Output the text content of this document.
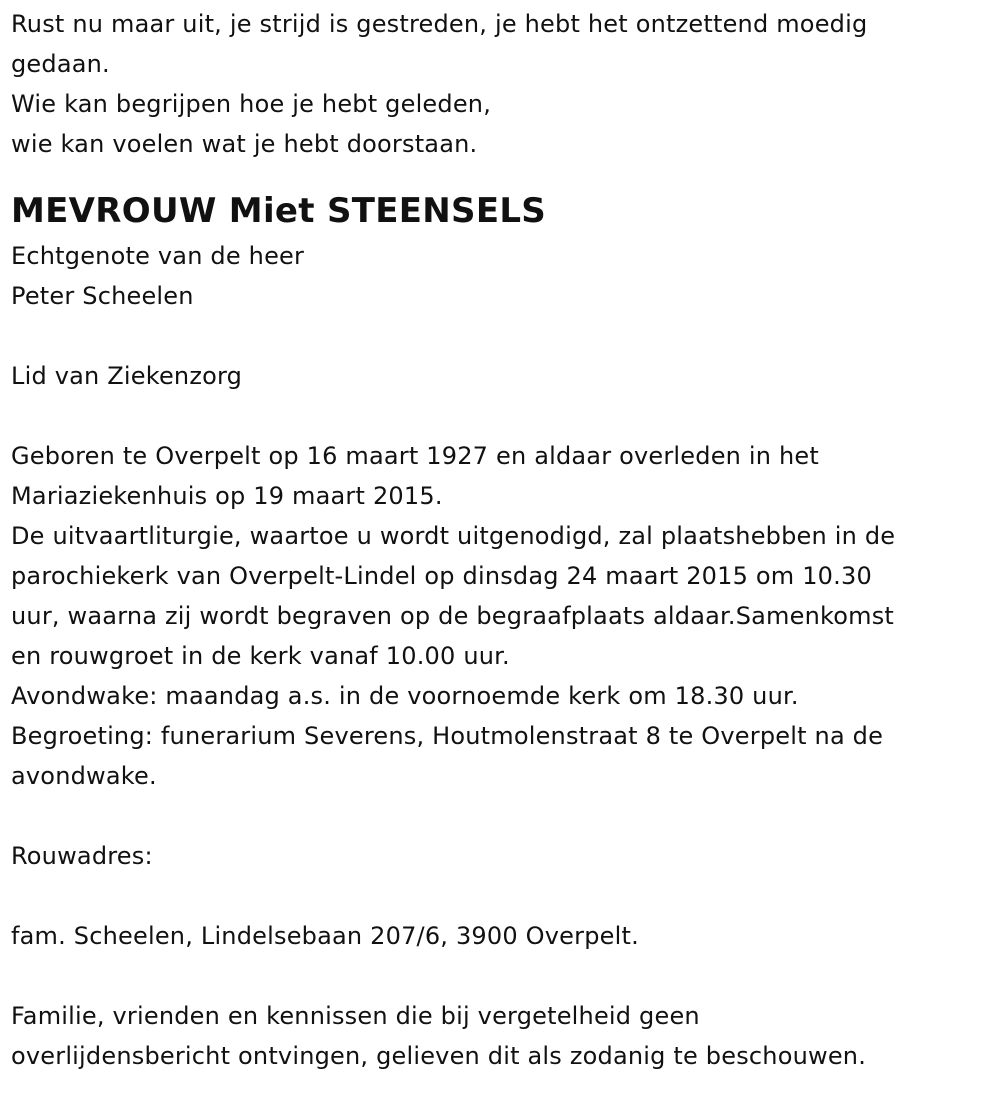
Rust nu maar uit, je strijd is gestreden, je hebt het ontzettend moedig
gedaan.
Wie kan begrijpen hoe je hebt geleden,
wie kan voelen wat je hebt doorstaan.
MEVROUW Miet STEENSELS
Echtgenote van de heer
Peter Scheelen
Lid van Ziekenzorg
Geboren te Overpelt op 16 maart 1927 en aldaar overleden in het
Mariaziekenhuis op 19 maart 2015.
De uitvaartliturgie, waartoe u wordt uitgenodigd, zal plaatshebben in de
parochiekerk van Overpelt-Lindel op dinsdag 24 maart 2015 om 10.30
uur, waarna zij wordt begraven op de begraafplaats aldaar.Samenkomst
en rouwgroet in de kerk vanaf 10.00 uur.
Avondwake: maandag a.s. in de voornoemde kerk om 18.30 uur.
Begroeting: funerarium Severens, Houtmolenstraat 8 te Overpelt na de
avondwake.
Rouwadres:
fam. Scheelen, Lindelsebaan 207/6, 3900 Overpelt.
Familie, vrienden en kennissen die bij vergetelheid geen
overlijdensbericht ontvingen, gelieven dit als zodanig te beschouwen.
